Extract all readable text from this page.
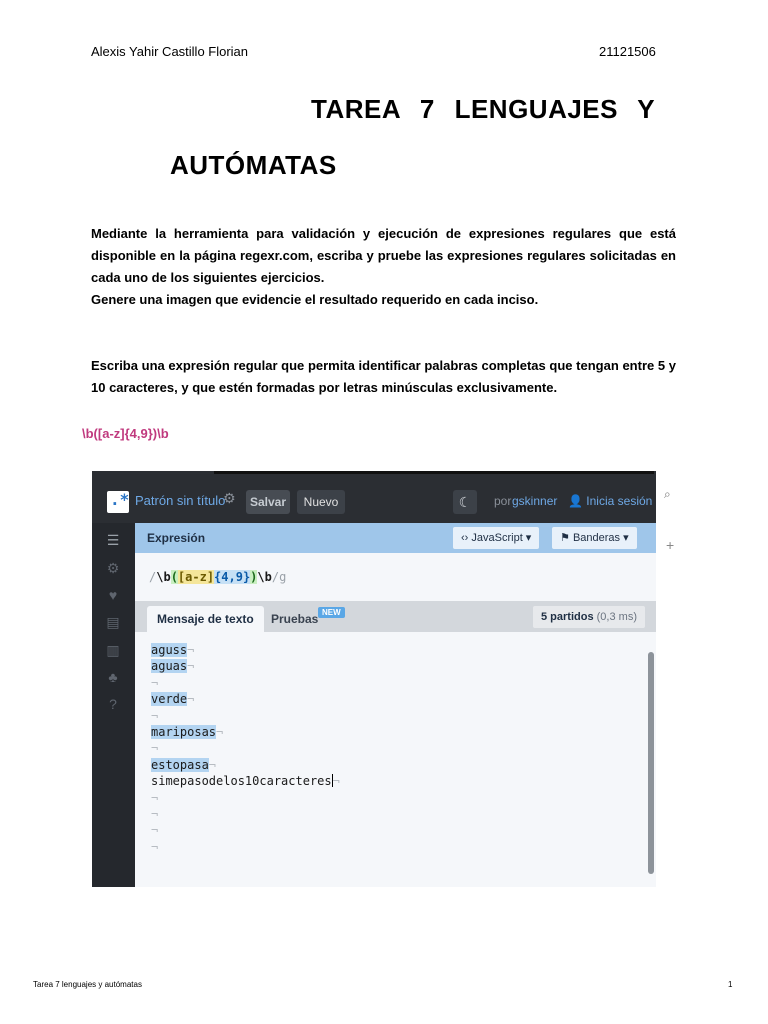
Alexis Yahir Castillo Florian	21121506
TAREA 7 LENGUAJES Y
AUTÓMATAS
Mediante la herramienta para validación y ejecución de expresiones regulares que está disponible en la página regexr.com, escriba y pruebe las expresiones regulares solicitadas en cada uno de los siguientes ejercicios.
Genere una imagen que evidencie el resultado requerido en cada inciso.
Escriba una expresión regular que permita identificar palabras completas que tengan entre 5 y 10 caracteres, y que estén formadas por letras minúsculas exclusivamente.
\b([a-z]{4,9})\b
.* Patrón sin título
⚙	Salvar	Nuevo	☾	por gskinner 👤 Inicia sesión
☰
⚙
♥
▤
▥
♣
?
Expresión	‹› JavaScript ▾	⚑ Banderas ▾
/\b([a-z]{4,9})\b/g
Mensaje de texto	Pruebas NEW	5 partidos (0,3 ms)
aguss¬
aguas¬
¬
verde¬
¬
mariposas¬
¬
estopasa¬
simepasodelos10caracteres¬
¬
¬
¬
¬
⌕
+
Tarea 7 lenguajes y autómatas	1
